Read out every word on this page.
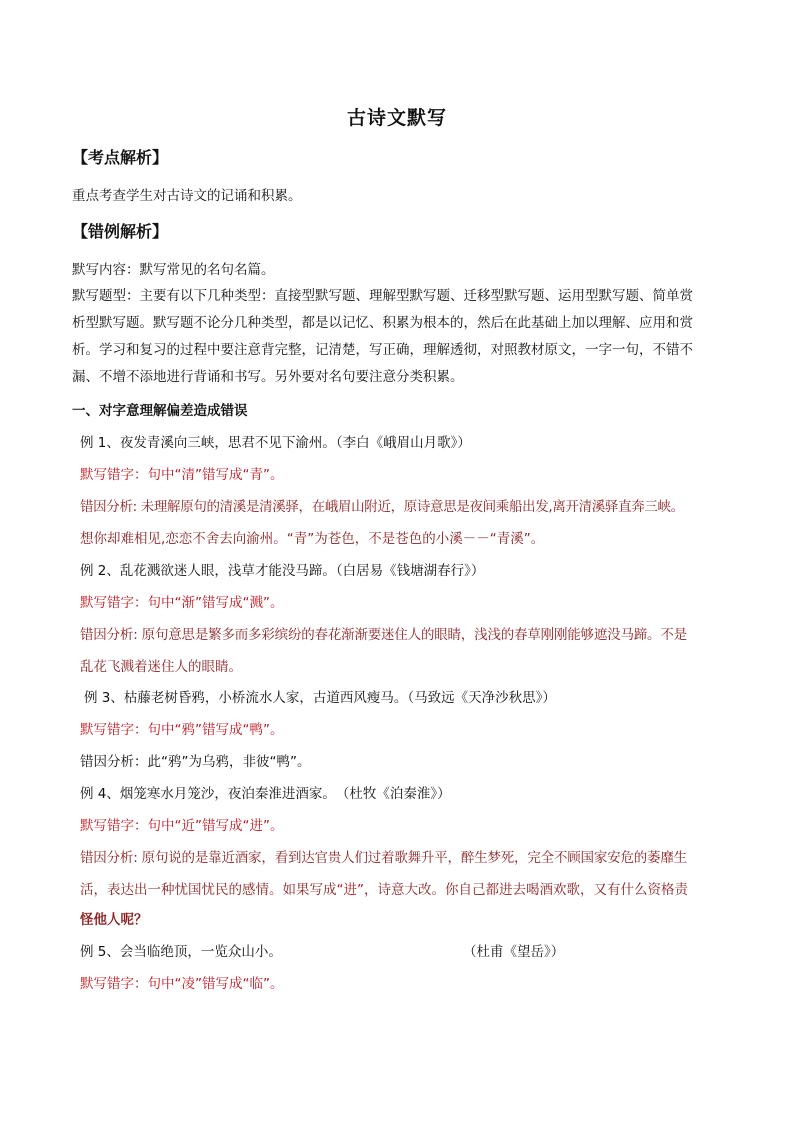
古诗文默写
【考点解析】
重点考查学生对古诗文的记诵和积累。
【错例解析】
默写内容：默写常见的名句名篇。
默写题型：主要有以下几种类型：直接型默写题、理解型默写题、迁移型默写题、运用型默写题、简单赏
析型默写题。默写题不论分几种类型，都是以记忆、积累为根本的，然后在此基础上加以理解、应用和赏
析。学习和复习的过程中要注意背完整，记清楚，写正确，理解透彻，对照教材原文，一字一句，不错不
漏、不增不添地进行背诵和书写。另外要对名句要注意分类积累。
一、对字意理解偏差造成错误
例 1、夜发青溪向三峡，思君不见下渝州。（李白《峨眉山月歌》）
默写错字：句中“清”错写成“青”。
错因分析: 未理解原句的清溪是清溪驿，在峨眉山附近，原诗意思是夜间乘船出发,离开清溪驿直奔三峡。
想你却难相见,恋恋不舍去向渝州。“青”为苍色，不是苍色的小溪－－“青溪”。
例 2、乱花溅欲迷人眼，浅草才能没马蹄。（白居易《钱塘湖春行》）
默写错字：句中“渐”错写成“溅”。
错因分析: 原句意思是繁多而多彩缤纷的春花渐渐要迷住人的眼睛，浅浅的春草刚刚能够遮没马蹄。不是
乱花飞溅着迷住人的眼睛。
例 3、枯藤老树昏鸦，小桥流水人家，古道西风瘦马。（马致远《天净沙秋思》）
默写错字：句中“鸦”错写成“鸭”。
错因分析：此“鸦”为乌鸦，非彼“鸭”。
例 4、烟笼寒水月笼沙，夜泊秦淮进酒家。　（杜牧《泊秦淮》）
默写错字：句中“近”错写成“进”。
错因分析: 原句说的是靠近酒家，看到达官贵人们过着歌舞升平，醉生梦死，完全不顾国家安危的萎靡生
活，表达出一种忧国忧民的感情。如果写成“进”，诗意大改。你自己都进去喝酒欢歌，又有什么资格责
怪他人呢？
例 5、会当临绝顶，一览众山小。	（杜甫《望岳》）
默写错字：句中“凌”错写成“临”。
